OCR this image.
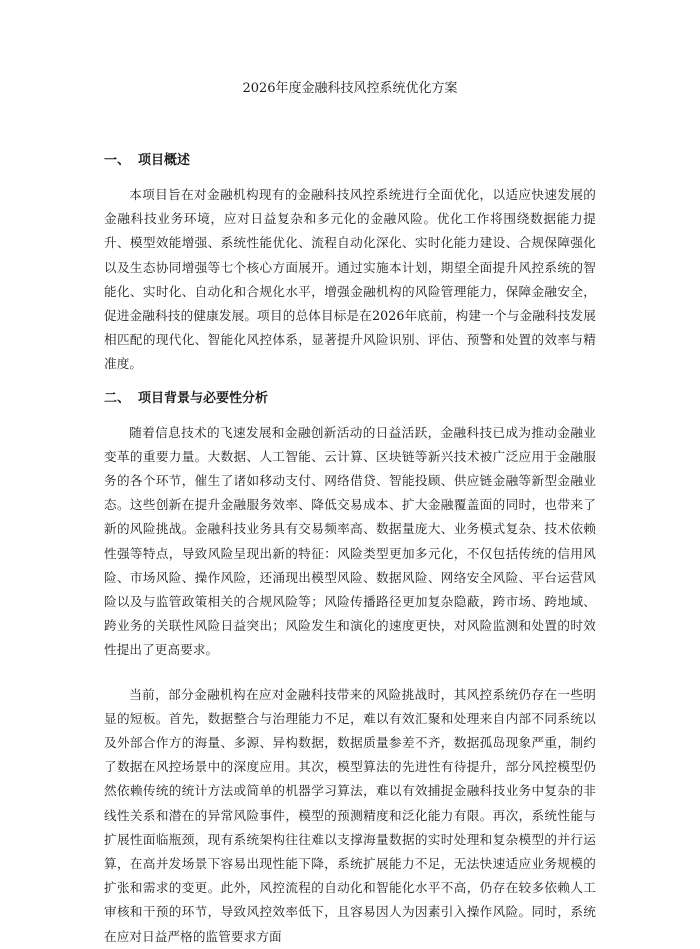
2026年度金融科技风控系统优化方案
一、 项目概述

本项目旨在对金融机构现有的金融科技风控系统进行全面优化，以适应快速发展的金融科技业务环境，应对日益复杂和多元化的金融风险。优化工作将围绕数据能力提升、模型效能增强、系统性能优化、流程自动化深化、实时化能力建设、合规保障强化以及生态协同增强等七个核心方面展开。通过实施本计划，期望全面提升风控系统的智能化、实时化、自动化和合规化水平，增强金融机构的风险管理能力，保障金融安全，促进金融科技的健康发展。项目的总体目标是在2026年底前，构建一个与金融科技发展相匹配的现代化、智能化风控体系，显著提升风险识别、评估、预警和处置的效率与精准度。

二、 项目背景与必要性分析

随着信息技术的飞速发展和金融创新活动的日益活跃，金融科技已成为推动金融业变革的重要力量。大数据、人工智能、云计算、区块链等新兴技术被广泛应用于金融服务的各个环节，催生了诸如移动支付、网络借贷、智能投顾、供应链金融等新型金融业态。这些创新在提升金融服务效率、降低交易成本、扩大金融覆盖面的同时，也带来了新的风险挑战。金融科技业务具有交易频率高、数据量庞大、业务模式复杂、技术依赖性强等特点，导致风险呈现出新的特征：风险类型更加多元化，不仅包括传统的信用风险、市场风险、操作风险，还涌现出模型风险、数据风险、网络安全风险、平台运营风险以及与监管政策相关的合规风险等；风险传播路径更加复杂隐蔽，跨市场、跨地域、跨业务的关联性风险日益突出；风险发生和演化的速度更快，对风险监测和处置的时效性提出了更高要求。

当前，部分金融机构在应对金融科技带来的风险挑战时，其风控系统仍存在一些明显的短板。首先，数据整合与治理能力不足，难以有效汇聚和处理来自内部不同系统以及外部合作方的海量、多源、异构数据，数据质量参差不齐，数据孤岛现象严重，制约了数据在风控场景中的深度应用。其次，模型算法的先进性有待提升，部分风控模型仍然依赖传统的统计方法或简单的机器学习算法，难以有效捕捉金融科技业务中复杂的非线性关系和潜在的异常风险事件，模型的预测精度和泛化能力有限。再次，系统性能与扩展性面临瓶颈，现有系统架构往往难以支撑海量数据的实时处理和复杂模型的并行运算，在高并发场景下容易出现性能下降，系统扩展能力不足，无法快速适应业务规模的扩张和需求的变更。此外，风控流程的自动化和智能化水平不高，仍存在较多依赖人工审核和干预的环节，导致风控效率低下，且容易因人为因素引入操作风险。同时，系统在应对日益严格的监管要求方面
